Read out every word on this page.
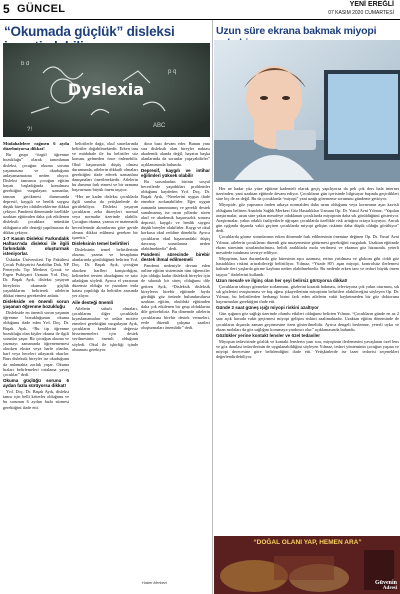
5 GÜNCEL	YENİ EREĞLİ
07 KASIM 2020 CUMARTESİ
“Okumada güçlük” disleksi
b d
p q
ABC
?!
Dyslexia

Müdahalelere rağmen 6 ayda düzelmiyorsa dikkat!

Bir grupt “özgül öğrenme bozukluğu” olarak tanımlanan disleksi, çocuğun okuma sorunu yaşamasına ve okuduğunu anlayamamasına neden oluyor. Disleksi tanısının çocuğun eğitim hayatı başladığında konulması gerektiğini vurgulayan uzmanlar, tanının gecikmesi durumunda depresif, kaygılı ve benlik saygısı düşük bireyler olabileceklerine dikkat çekiyor. Pandemi döneminde özellikle uzaktan eğitimden daha çok etkilenen disleksili çocuklara mümkün olduğunca aile desteği yapılmasına da dikkat çekiyor.

1-7 Kasım Disleksi Farkındalık Haftası’nda disleksi ile ilgili farkındalık oluşturmak isteniyorlar.

Üsküdar Üniversitesi Tip Fakültesi Çocuk Psikiyatrisi Anabilim Dalı, NP Feneryolu Tıp Merkezi Çocuk ve Ergen Psikiyatri Uzmanı Yrd. Doç. Dr. Başak Ayık, disleksi yaşayan bireylerin okumada güçlük yaşadıklarını belirterek ailelerin dikkat etmesi gerekenleri anlattı.

Dislekside en önemli sorun yaşanan öğrenme bozukluğu

Dislekside en önemli sorun yaşanan öğrenme bozukluğunun okuma olduğunu ifade eden Yrd. Doç. Dr. Başak Ayık, “Bu tip öğrenme bozukluğu olan kişiler okuma ile ilgili sorunlar yaşar. Bir çocuğun okuma ve yazmayı zamanında öğrenememesi okurken ekstra veya harfe olanlar, harf veya heceleri atlayarak okurlar. Bazı disleksik bireyler ise okuduğunu da anlamakta zorluk yaşar. Okuma hızları belirlemeleri ortalama yavaş çocuklar” dedi.

Okuma güçlüğü sorunu 6 aydan fazla sürüyorsa dikkat!

Yrd. Doç. Dr. Başak Ayık, disleksi tanısı için belli kriterler olduğunu ve bu sorunun 6 aydan fazla sürmesi gerektiğini ifade etti.

belirtilerle dağıt, okul sınavlarında belirtiler doğabilmektedir. Erken tanı ve müdahale ile bu belirtiler söz konusu gelmeden önce önlenebilir. Okul başarısında düşüş olması durumunda, ailelerin dikkatli olmaları gerektiğini ifade ederek uzmanlara danışmaları önerilmektedir. Ailelerin bu durumu fark etmesi ve bir uzmana başvurması büyük önem taşıyor.

“Her ne kadar disleksi çocuklarla ilgili sanılsa da yetişkinlerde de görülebiliyor. Disleksi yaşayan çocukların zeka düzeyleri normal veya normalin üzerinde olabilir. Çocuğun okuma, yazma ve matematik becerilerinde akranlarına göre geride olması dikkat edilmesi gereken bir işarettir.”

Disleksinin temel belirtileri

Disleksinin temel belirtilerinin okuma, yazma ve hesaplama alanlarında görüldüğünü belirten Yrd. Doç. Dr. Başak Ayık, çocuğun okurken harfleri karıştırdığını, kelimeleri tersten okuduğunu ve satır atladığını söyledi. Ayrıca el yazısının düzensiz olduğu ve yazarken imla hatası yapıldığı da belirtiler arasında yer alıyor.

Aile desteği önemli

Ailelerin sabırlı olmaları, çocuklarını diğer çocuklarla kıyaslamamaları ve onları motive etmeleri gerektiğini vurgulayan Ayık, çocukların kendilerini değersiz hissetmemeleri için destek verilmesinin önemli olduğunu söyledi. Okul ile işbirliği içinde olunması gerekiyor.

dınır bazı devam eder. Bunun yanı sıra disleksik olan bireyler naktası akademik alanda değil, hayatın başka alanlarında da sorunlar yaşayabilirler” açıklamasında bulundu.

Depresif, kaygılı ve intihar eğilimleri yüksek olabilir

Bu sorunlardan birinin sosyal becerilerde yaşadıkları problemler olduğunu kaydeden Yrd. Doç. Dr. Başak Ayık, “Nerelerini uygun ifade etmekte zorlanabilirler. Eğer uygun zamanda tanınmamış ve gerekli destek sunulmamış ise uzun yıllardır süren okul ve akademik başarısızlık sonrası depresif, kaygılı ve benlik saygısı düşük bireyler olabilirler. Kaygı ve okul korkusu okul reddine dönebilir. Ayrıca çocukların okul başarısındaki düşüş davranış sorunlarına neden olabilmektedir” dedi.

Pandemi sürecinde birebir destek ihmal edilmemeli

Pandemi nedeniyle devam eden online eğitim sisteminin tüm öğrenciler için olduğu kadar disleksik bireyler için de sıkıntılı bir süreç olduğunu dile getiren Ayık, “Disleksik disleksik bireylerin birebir eğitimde fayda gördüğü göz önünde bulundurulursa uzaktan eğitim, okuldaki eğitimden daha çok etkilenen bir grup olduklarını dile getirebiliriz. Bu dönemde ailelerin çocuklarına birebir destek vermeleri, evde düzenli çalışma saatleri oluşturmaları önemlidir” dedi.

Haber Merkezi
Uzun süre ekrana bakmak miyopi

Her ne kadar yüz yüze eğitime kademeli olarak geçiş yapılıyorsa da pek çok ders hala internet üzerinden, yani uzaktan eğitimle devam ediyor. Çocukların gün içerisinde bilgisayar başında geçirdikleri süre hiç de az değil. Bu da çocuklarda “miyopi” yani uzağı görememe sorununu gündeme getiriyor.

Miyopide, göz yapısının önden arkaya normalden daha uzun olduğunu veya korneanın aşırı kavisli olduğunu belirten Anadolu Sağlık Merkezi Göz Hastalıkları Uzmanı Op. Dr. Yusuf Avni Yılmaz, “Yapılan araştırmalar, uzun süre yakın mesafeye odaklanan çocuklarda miyopinin daha sık görüldüğünü gösteriyor. Araştırmalar, yakın odaklı faaliyetlerle uğraşan çocuklarda özellikle risk arttığını ortaya koyuyor. Ancak gün ışığında dışarıda vakit geçiren çocuklarda miyopi gelişim riskinin daha düşük olduğu görülüyor” dedi.

Çocuklarda görme sorunlarının erken dönemde fark edilmesinin önemine değinen Op. Dr. Yusuf Avni Yılmaz, ailelerin çocuklarını düzenli göz muayenesine götürmesi gerektiğini vurguladı. Uzaktan eğitimde ekran süresinin sınırlandırılması, belirli aralıklarla mola verilmesi ve ekranın göz hizasında, yeterli mesafede tutulması tavsiye ediliyor.

Miyopinin, bazı durumlarda göz küresinin aşırı uzaması, retina yırtılması ve glokom gibi ciddi göz hastalıkları riskini artırabileceği belirtiliyor. Yılmaz, “Yüzde 80’i aşan miyopi, kontrolsüz ilerlemesi halinde ileri yaşlarda görme kaybına neden olabilmektedir. Bu nedenle erken tanı ve tedavi büyük önem taşıyor” ifadelerini kullandı.

Uzun mesafe ve ilginç olan her şeyi belirsiz görüyorsa dikkat!

Çocukların tahtayı görmekte zorlanması, gözlerini kısarak bakması, televizyona çok yakın oturması, sık sık gözlerini ovuşturması ve baş ağrısı şikayetlerinin miyopinin belirtileri olabileceğini söyleyen Op. Dr. Yılmaz, bu belirtilerden herhangi birini fark eden ailelerin vakit kaybetmeden bir göz doktoruna başvurmaları gerektiğini ifade etti.

Günde 2 saat güneş ışığı miyopi riskini azaltıyor

Gün ışığının göz sağlığı üzerinde olumlu etkileri olduğunu belirten Yılmaz, “Çocukların günde en az 2 saat açık havada vakit geçirmesi miyopi gelişim riskini azaltmaktadır. Uzaktan eğitim döneminde de çocukların dışarıda zaman geçirmesine özen gösterilmelidir. Ayrıca dengeli beslenme, yeterli uyku ve ekran molaları da göz sağlığını korumaya yardımcı olur” açıklamasında bulundu.

Gözlükler yerine kontakt lensler ve özel tedaviler

Miyopun tedavisinde gözlük ve kontakt lenslerin yanı sıra, miyopinin ilerlemesini yavaşlatan özel lens ve göz damlası tedavilerinin de uygulanabildiğini söyleyen Yılmaz, tedavi yönteminin çocuğun yaşına ve miyopi derecesine göre belirlendiğini ifade etti. Yetişkinlerde ise lazer tedavisi seçenekleri değerlendirilebiliyor.

“DOĞAL OLANI YAP, HEMEN ARA”
Güvenin
Adresi
